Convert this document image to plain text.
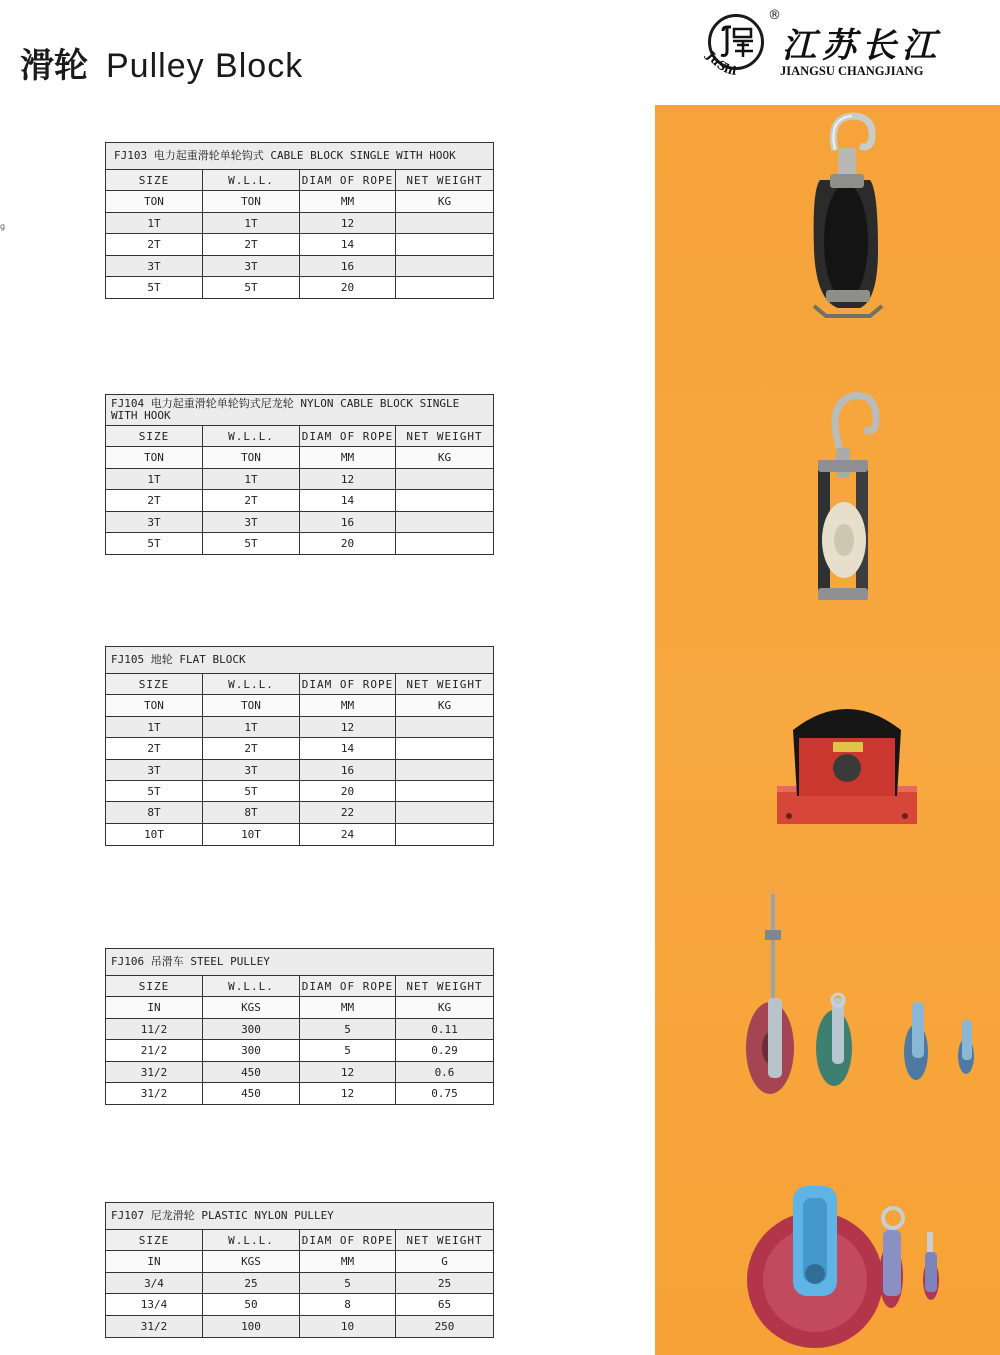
滑轮 Pulley Block	JuShi
®
江苏长江
JIANGSU CHANGJIANG
ɡ
FJ103 电力起重滑轮单轮钩式 CABLE BLOCK SINGLE WITH HOOK
SIZE	W.L.L.	DIAM OF ROPE	NET WEIGHT
TON	TON	MM	KG
1T	1T	12
2T	2T	14
3T	3T	16
5T	5T	20
FJ104 电力起重滑轮单轮钩式尼龙轮 NYLON CABLE BLOCK SINGLE WITH HOOK
SIZE	W.L.L.	DIAM OF ROPE	NET WEIGHT
TON	TON	MM	KG
1T	1T	12
2T	2T	14
3T	3T	16
5T	5T	20
FJ105 地轮 FLAT BLOCK
SIZE	W.L.L.	DIAM OF ROPE	NET WEIGHT
TON	TON	MM	KG
1T	1T	12
2T	2T	14
3T	3T	16
5T	5T	20
8T	8T	22
10T	10T	24
FJ106 吊滑车 STEEL PULLEY
SIZE	W.L.L.	DIAM OF ROPE	NET WEIGHT
IN	KGS	MM	KG
11/2	300	5	0.11
21/2	300	5	0.29
31/2	450	12	0.6
31/2	450	12	0.75
FJ107 尼龙滑轮 PLASTIC NYLON PULLEY
SIZE	W.L.L.	DIAM OF ROPE	NET WEIGHT
IN	KGS	MM	G
3/4	25	5	25
13/4	50	8	65
31/2	100	10	250
